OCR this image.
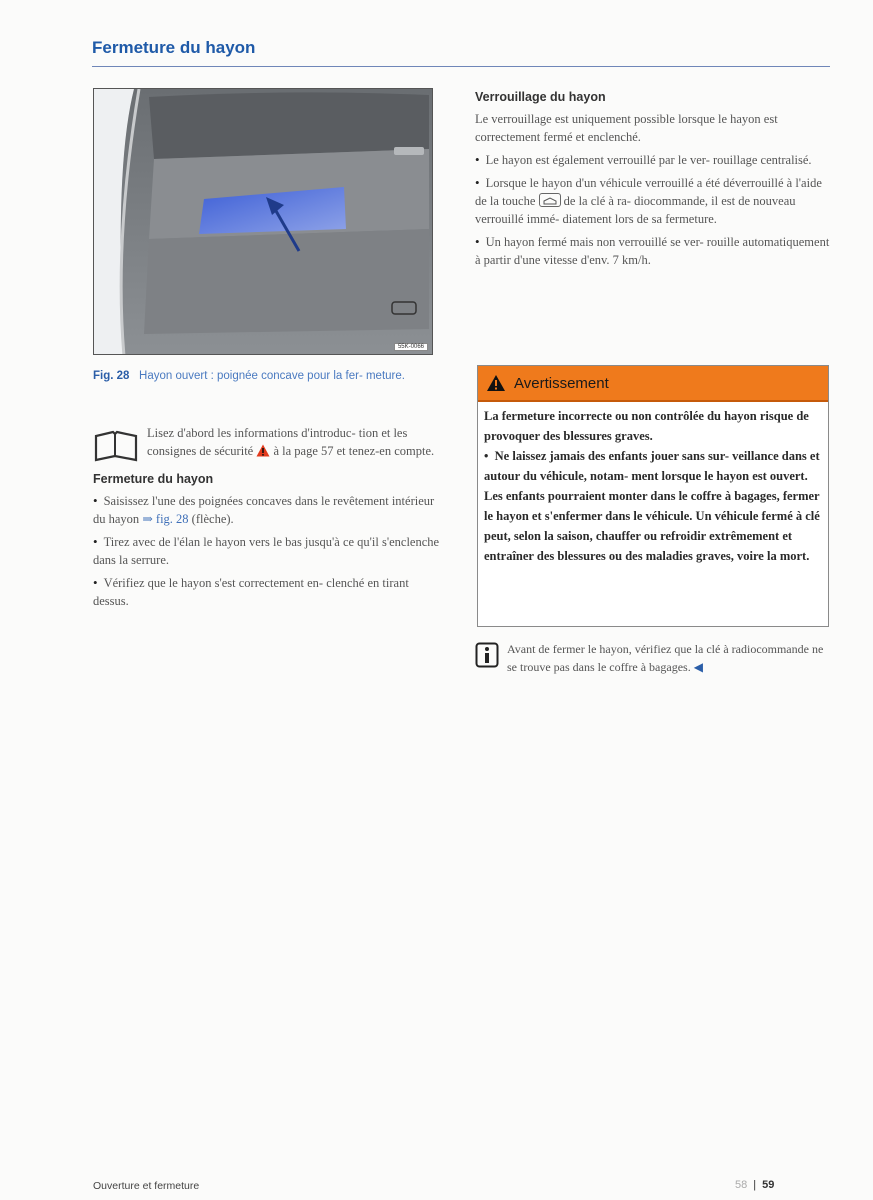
Fermeture du hayon
55K-0066
Fig. 28 Hayon ouvert : poignée concave pour la fer- meture.
Lisez d'abord les informations d'introduc- tion et les consignes de sécurité à la page 57 et tenez-en compte.
Fermeture du hayon
• Saisissez l'une des poignées concaves dans le revêtement intérieur du hayon ⇒ fig. 28 (flèche).
• Tirez avec de l'élan le hayon vers le bas jusqu'à ce qu'il s'enclenche dans la serrure.
• Vérifiez que le hayon s'est correctement en- clenché en tirant dessus.
Verrouillage du hayon

Le verrouillage est uniquement possible lorsque le hayon est correctement fermé et enclenché.

• Le hayon est également verrouillé par le ver- rouillage centralisé.
• Lorsque le hayon d'un véhicule verrouillé a été déverrouillé à l'aide de la touche de la clé à ra- diocommande, il est de nouveau verrouillé immé- diatement lors de sa fermeture.
• Un hayon fermé mais non verrouillé se ver- rouille automatiquement à partir d'une vitesse d'env. 7 km/h.
Avertissement

La fermeture incorrecte ou non contrôlée du hayon risque de provoquer des blessures graves.

•  Ne laissez jamais des enfants jouer sans sur- veillance dans et autour du véhicule, notam- ment lorsque le hayon est ouvert. Les enfants pourraient monter dans le coffre à bagages, fermer le hayon et s'enfermer dans le véhicule. Un véhicule fermé à clé peut, selon la saison, chauffer ou refroidir extrêmement et entraîner des blessures ou des maladies graves, voire la mort.

Avant de fermer le hayon, vérifiez que la clé à radiocommande ne se trouve pas dans le coffre à bagages. ◀
Ouverture et fermeture	58 | 59
